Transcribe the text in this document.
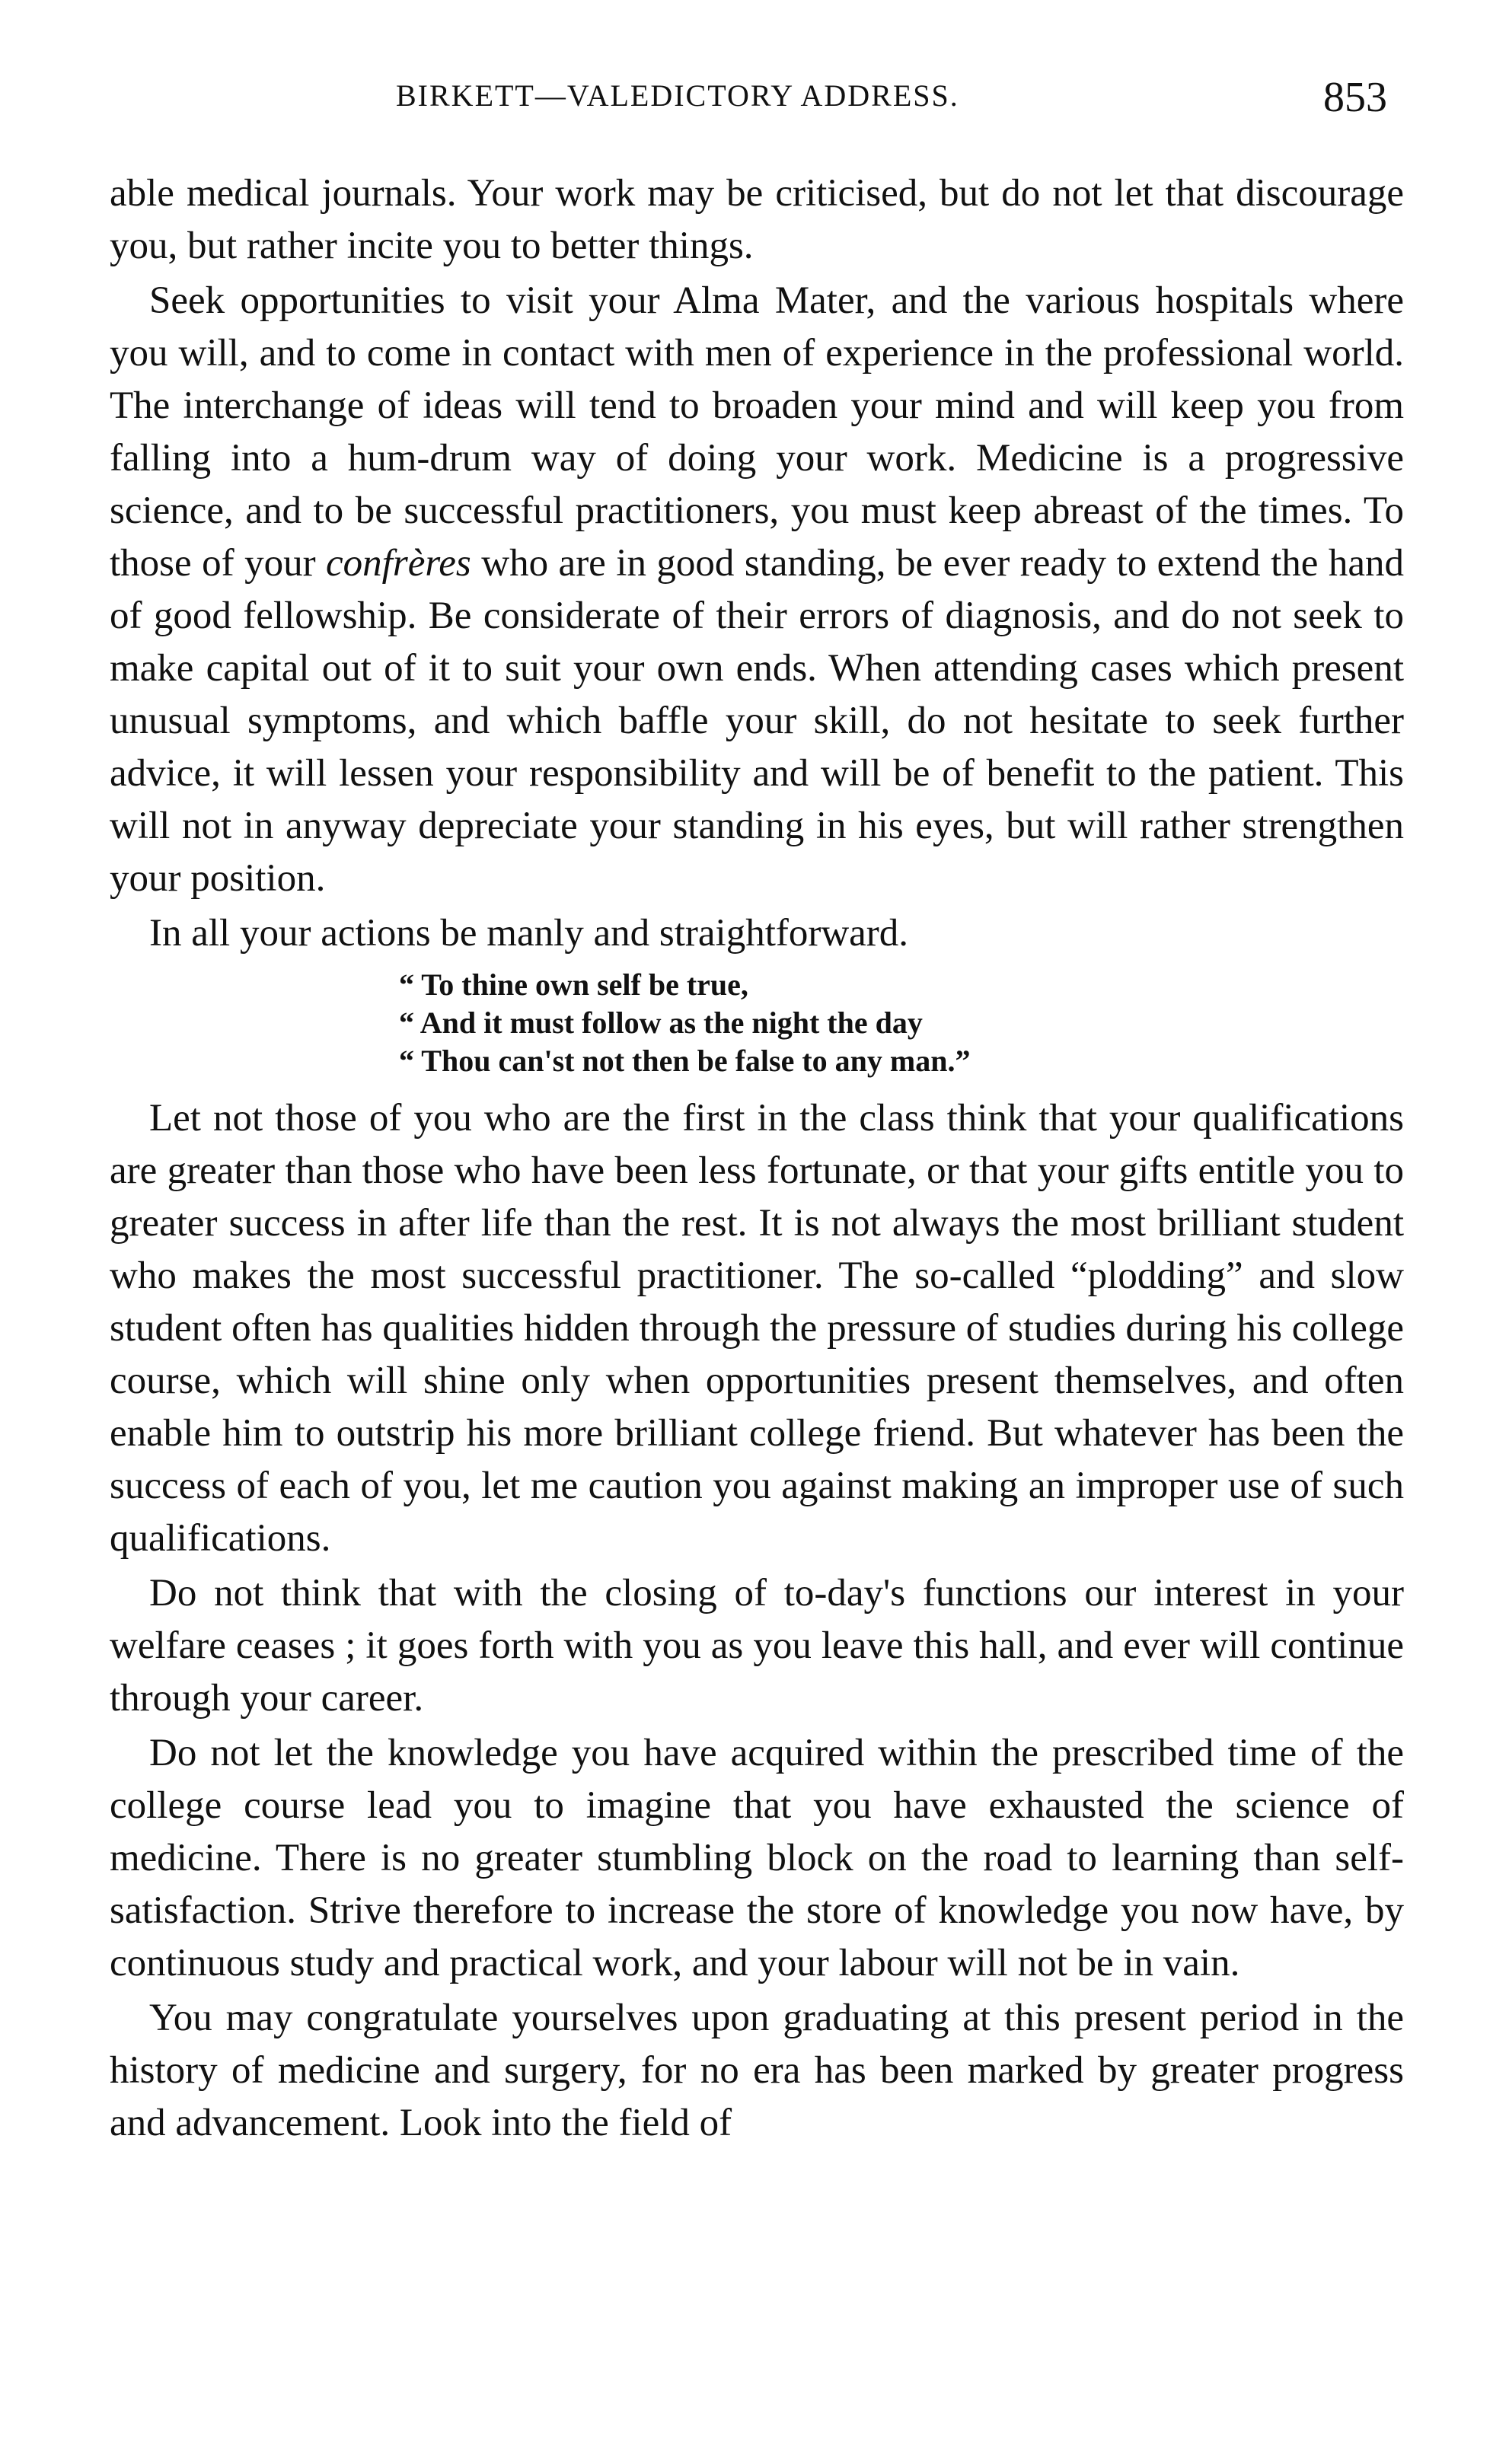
BIRKETT—VALEDICTORY ADDRESS.	853

able medical journals. Your work may be criticised, but do not let that discourage you, but rather incite you to better things.

Seek opportunities to visit your Alma Mater, and the various hospitals where you will, and to come in contact with men of experience in the professional world. The interchange of ideas will tend to broaden your mind and will keep you from falling into a hum-drum way of doing your work. Medicine is a progressive science, and to be successful practitioners, you must keep abreast of the times. To those of your confrères who are in good standing, be ever ready to extend the hand of good fellowship. Be considerate of their errors of diagnosis, and do not seek to make capital out of it to suit your own ends. When attending cases which present unusual symptoms, and which baffle your skill, do not hesitate to seek further advice, it will lessen your responsibility and will be of benefit to the patient. This will not in anyway depreciate your standing in his eyes, but will rather strengthen your position.

In all your actions be manly and straightforward.

“ To thine own self be true,
“ And it must follow as the night the day
“ Thou can'st not then be false to any man.”

Let not those of you who are the first in the class think that your qualifications are greater than those who have been less fortunate, or that your gifts entitle you to greater success in after life than the rest. It is not always the most brilliant student who makes the most successful practitioner. The so-called “plodding” and slow student often has qualities hidden through the pressure of studies during his college course, which will shine only when opportunities present themselves, and often enable him to outstrip his more brilliant college friend. But whatever has been the success of each of you, let me caution you against making an improper use of such qualifications.

Do not think that with the closing of to-day's functions our interest in your welfare ceases ; it goes forth with you as you leave this hall, and ever will continue through your career.

Do not let the knowledge you have acquired within the prescribed time of the college course lead you to imagine that you have exhausted the science of medicine. There is no greater stumbling block on the road to learning than self-satisfaction. Strive therefore to increase the store of knowledge you now have, by continuous study and practical work, and your labour will not be in vain.

You may congratulate yourselves upon graduating at this present period in the history of medicine and surgery, for no era has been marked by greater progress and advancement. Look into the field of
